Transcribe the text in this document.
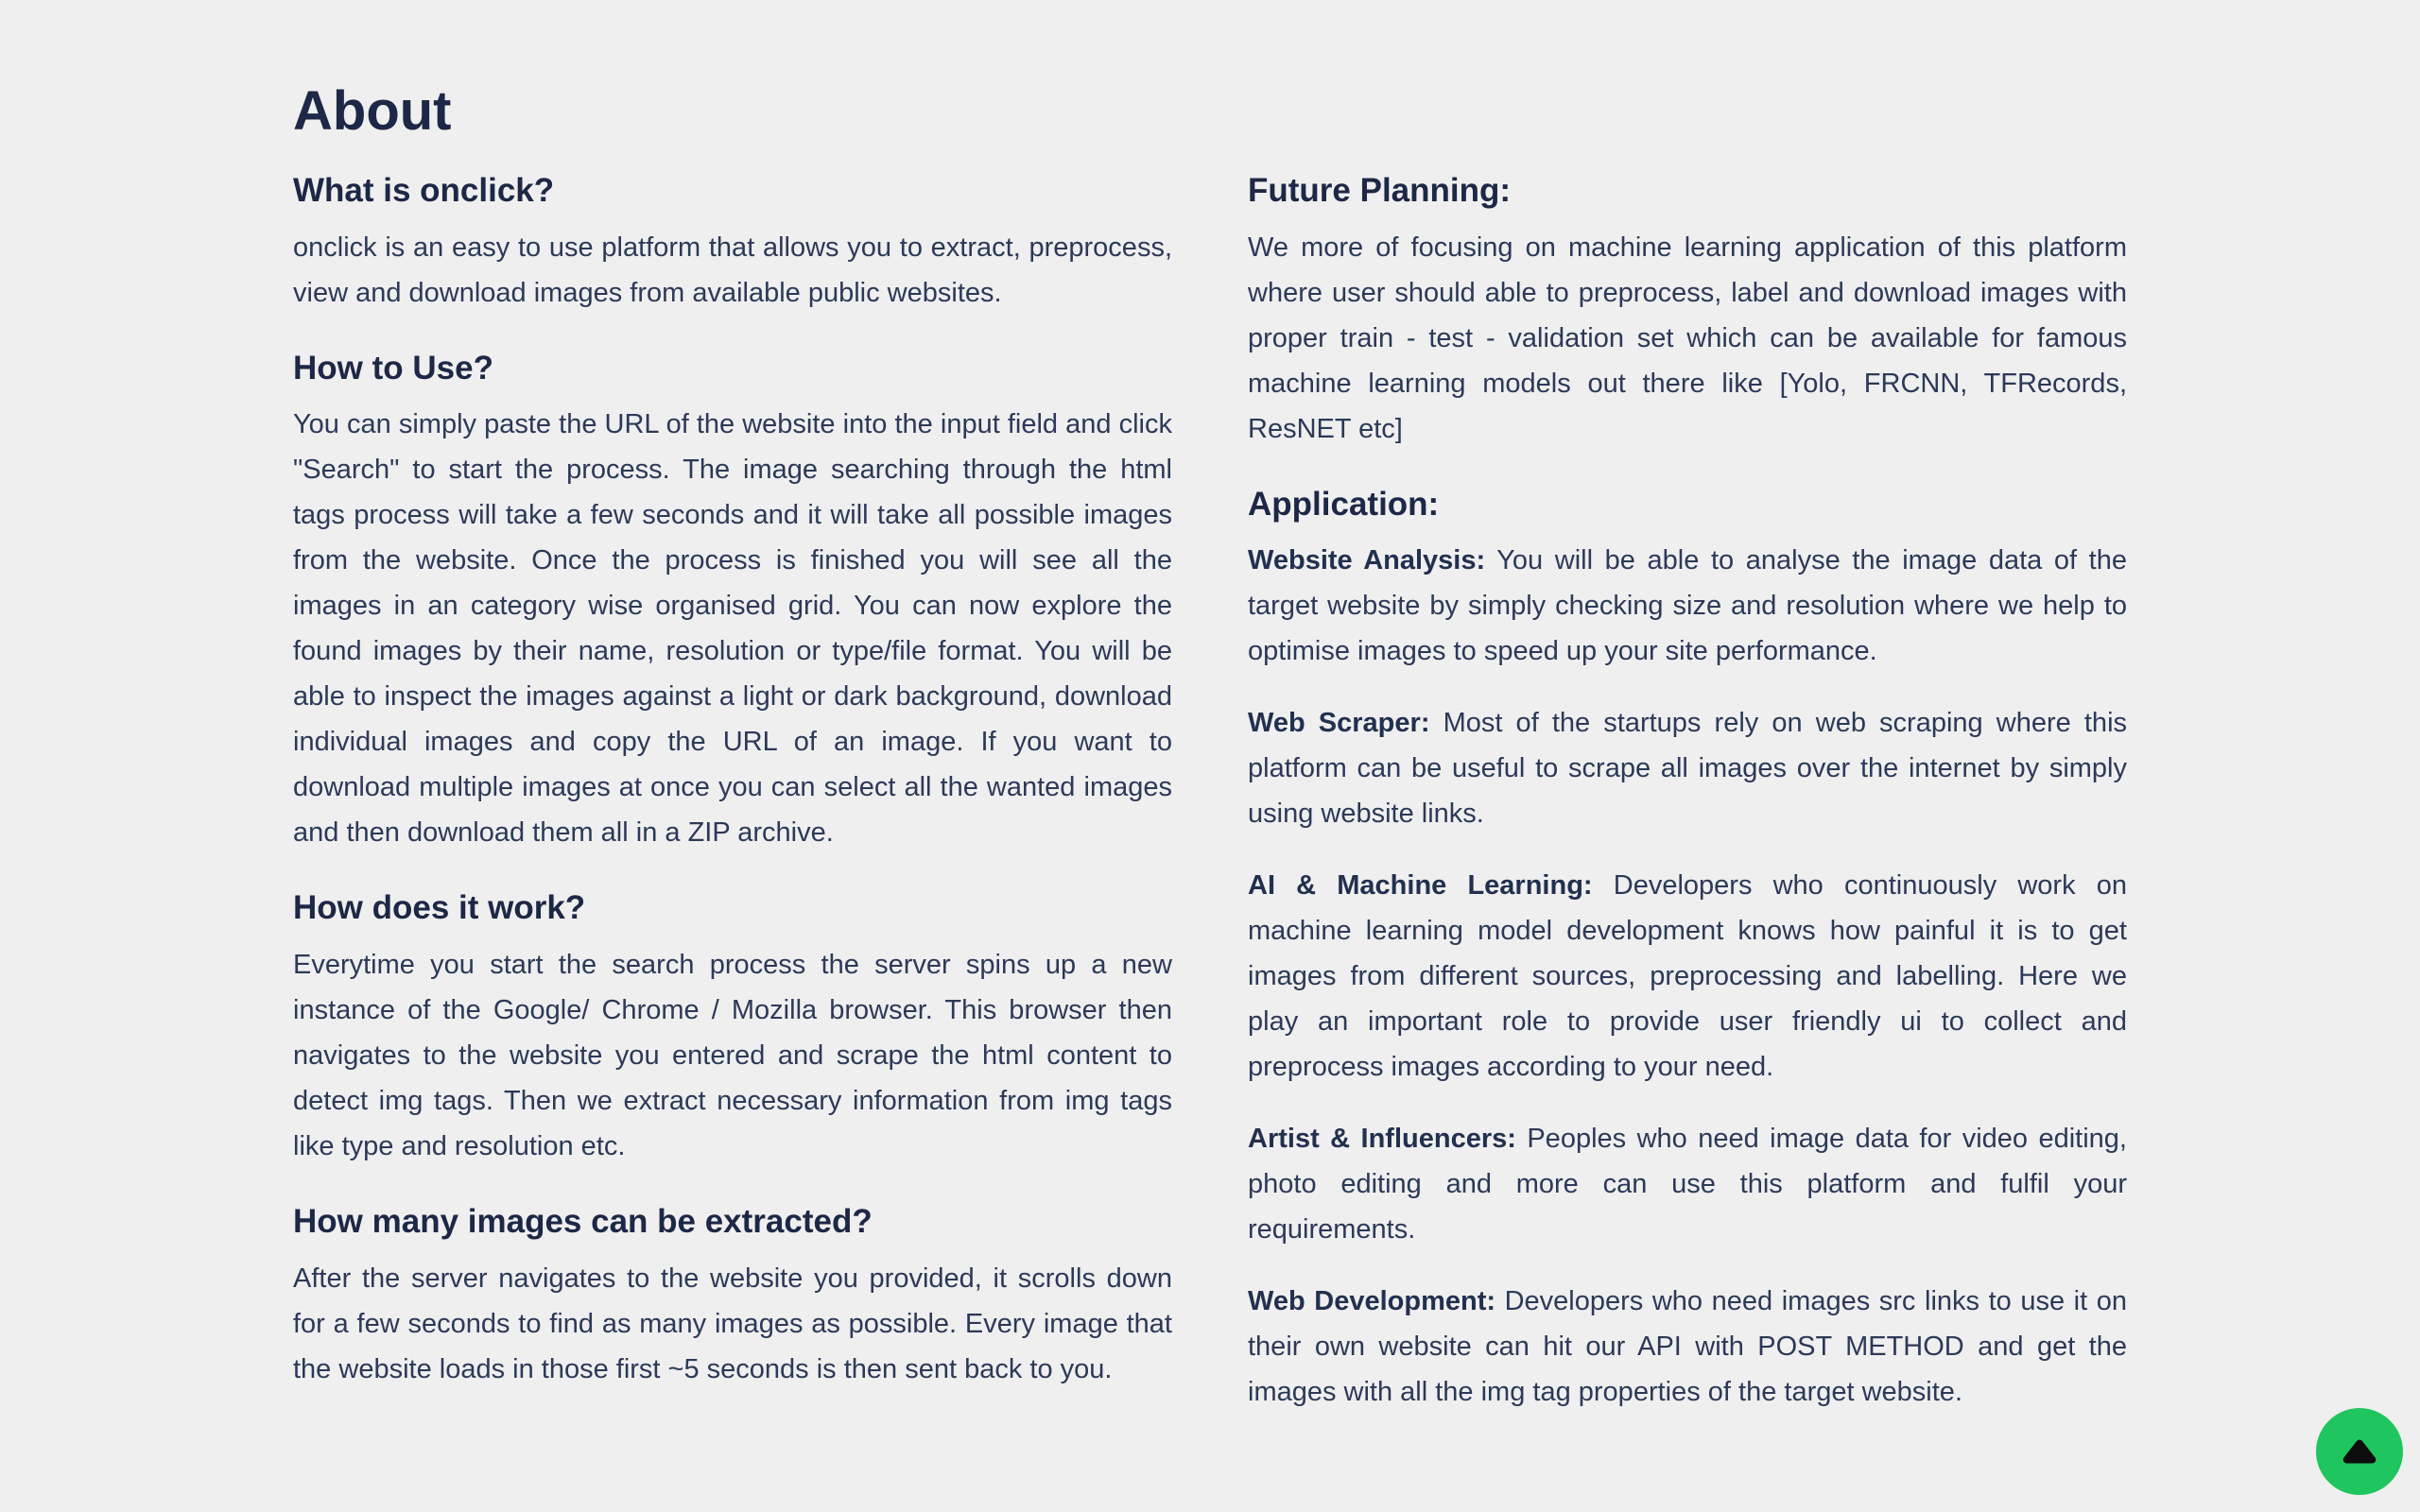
About
What is onclick?

onclick is an easy to use platform that allows you to extract, preprocess, view and download images from available public websites.

How to Use?

You can simply paste the URL of the website into the input field and click "Search" to start the process. The image searching through the html tags process will take a few seconds and it will take all possible images from the website. Once the process is finished you will see all the images in an category wise organised grid. You can now explore the found images by their name, resolution or type/file format. You will be able to inspect the images against a light or dark background, download individual images and copy the URL of an image. If you want to download multiple images at once you can select all the wanted images and then download them all in a ZIP archive.

How does it work?

Everytime you start the search process the server spins up a new instance of the Google/ Chrome / Mozilla browser. This browser then navigates to the website you entered and scrape the html content to detect img tags. Then we extract necessary information from img tags like type and resolution etc.

How many images can be extracted?

After the server navigates to the website you provided, it scrolls down for a few seconds to find as many images as possible. Every image that the website loads in those first ~5 seconds is then sent back to you.

Future Planning:

We more of focusing on machine learning application of this platform where user should able to preprocess, label and download images with proper train - test - validation set which can be available for famous machine learning models out there like [Yolo, FRCNN, TFRecords, ResNET etc]

Application:

Website Analysis: You will be able to analyse the image data of the target website by simply checking size and resolution where we help to optimise images to speed up your site performance.

Web Scraper: Most of the startups rely on web scraping where this platform can be useful to scrape all images over the internet by simply using website links.

AI & Machine Learning: Developers who continuously work on machine learning model development knows how painful it is to get images from different sources, preprocessing and labelling. Here we play an important role to provide user friendly ui to collect and preprocess images according to your need.

Artist & Influencers: Peoples who need image data for video editing, photo editing and more can use this platform and fulfil your requirements.

Web Development: Developers who need images src links to use it on their own website can hit our API with POST METHOD and get the images with all the img tag properties of the target website.
